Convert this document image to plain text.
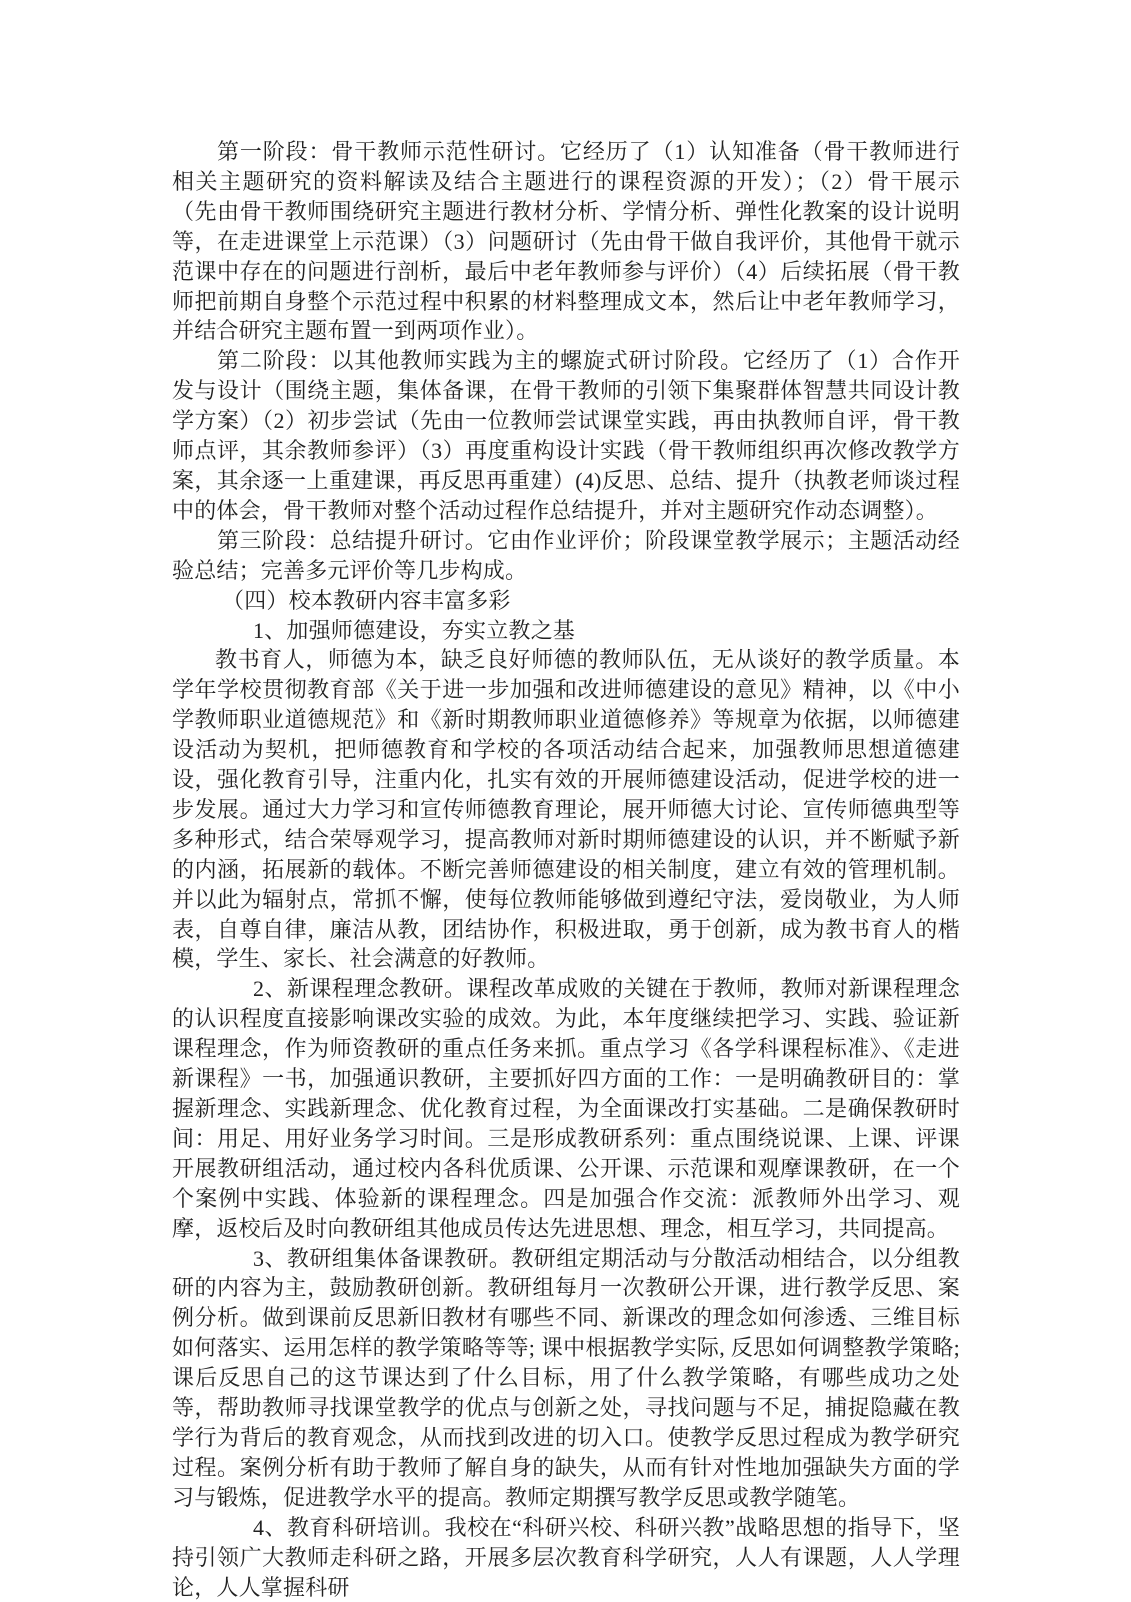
第一阶段：骨干教师示范性研讨。它经历了（1）认知准备（骨干教师进行相关主题研究的资料解读及结合主题进行的课程资源的开发）；（2）骨干展示（先由骨干教师围绕研究主题进行教材分析、学情分析、弹性化教案的设计说明等，在走进课堂上示范课）（3）问题研讨（先由骨干做自我评价，其他骨干就示范课中存在的问题进行剖析，最后中老年教师参与评价）（4）后续拓展（骨干教师把前期自身整个示范过程中积累的材料整理成文本，然后让中老年教师学习，并结合研究主题布置一到两项作业）。

第二阶段：以其他教师实践为主的螺旋式研讨阶段。它经历了（1）合作开发与设计（围绕主题，集体备课，在骨干教师的引领下集聚群体智慧共同设计教学方案）（2）初步尝试（先由一位教师尝试课堂实践，再由执教师自评，骨干教师点评，其余教师参评）（3）再度重构设计实践（骨干教师组织再次修改教学方案，其余逐一上重建课，再反思再重建）(4)反思、总结、提升（执教老师谈过程中的体会，骨干教师对整个活动过程作总结提升，并对主题研究作动态调整）。

第三阶段：总结提升研讨。它由作业评价；阶段课堂教学展示；主题活动经验总结；完善多元评价等几步构成。

（四）校本教研内容丰富多彩

1、加强师德建设，夯实立教之基

教书育人，师德为本，缺乏良好师德的教师队伍，无从谈好的教学质量。本学年学校贯彻教育部《关于进一步加强和改进师德建设的意见》精神，以《中小学教师职业道德规范》和《新时期教师职业道德修养》等规章为依据，以师德建设活动为契机，把师德教育和学校的各项活动结合起来，加强教师思想道德建设，强化教育引导，注重内化，扎实有效的开展师德建设活动，促进学校的进一步发展。通过大力学习和宣传师德教育理论，展开师德大讨论、宣传师德典型等多种形式，结合荣辱观学习，提高教师对新时期师德建设的认识，并不断赋予新的内涵，拓展新的载体。不断完善师德建设的相关制度，建立有效的管理机制。并以此为辐射点，常抓不懈，使每位教师能够做到遵纪守法，爱岗敬业，为人师表，自尊自律，廉洁从教，团结协作，积极进取，勇于创新，成为教书育人的楷模，学生、家长、社会满意的好教师。

2、新课程理念教研。课程改革成败的关键在于教师，教师对新课程理念的认识程度直接影响课改实验的成效。为此，本年度继续把学习、实践、验证新课程理念，作为师资教研的重点任务来抓。重点学习《各学科课程标准》、《走进新课程》一书，加强通识教研，主要抓好四方面的工作：一是明确教研目的：掌握新理念、实践新理念、优化教育过程，为全面课改打实基础。二是确保教研时间：用足、用好业务学习时间。三是形成教研系列：重点围绕说课、上课、评课开展教研组活动，通过校内各科优质课、公开课、示范课和观摩课教研，在一个个案例中实践、体验新的课程理念。四是加强合作交流：派教师外出学习、观摩，返校后及时向教研组其他成员传达先进思想、理念，相互学习，共同提高。

3、教研组集体备课教研。教研组定期活动与分散活动相结合，以分组教研的内容为主，鼓励教研创新。教研组每月一次教研公开课，进行教学反思、案例分析。做到课前反思新旧教材有哪些不同、新课改的理念如何渗透、三维目标如何落实、运用怎样的教学策略等等; 课中根据教学实际, 反思如何调整教学策略; 课后反思自己的这节课达到了什么目标，用了什么教学策略，有哪些成功之处等，帮助教师寻找课堂教学的优点与创新之处，寻找问题与不足，捕捉隐藏在教学行为背后的教育观念，从而找到改进的切入口。使教学反思过程成为教学研究过程。案例分析有助于教师了解自身的缺失，从而有针对性地加强缺失方面的学习与锻炼，促进教学水平的提高。教师定期撰写教学反思或教学随笔。

4、教育科研培训。我校在“科研兴校、科研兴教”战略思想的指导下，坚持引领广大教师走科研之路，开展多层次教育科学研究，人人有课题，人人学理论，人人掌握科研
